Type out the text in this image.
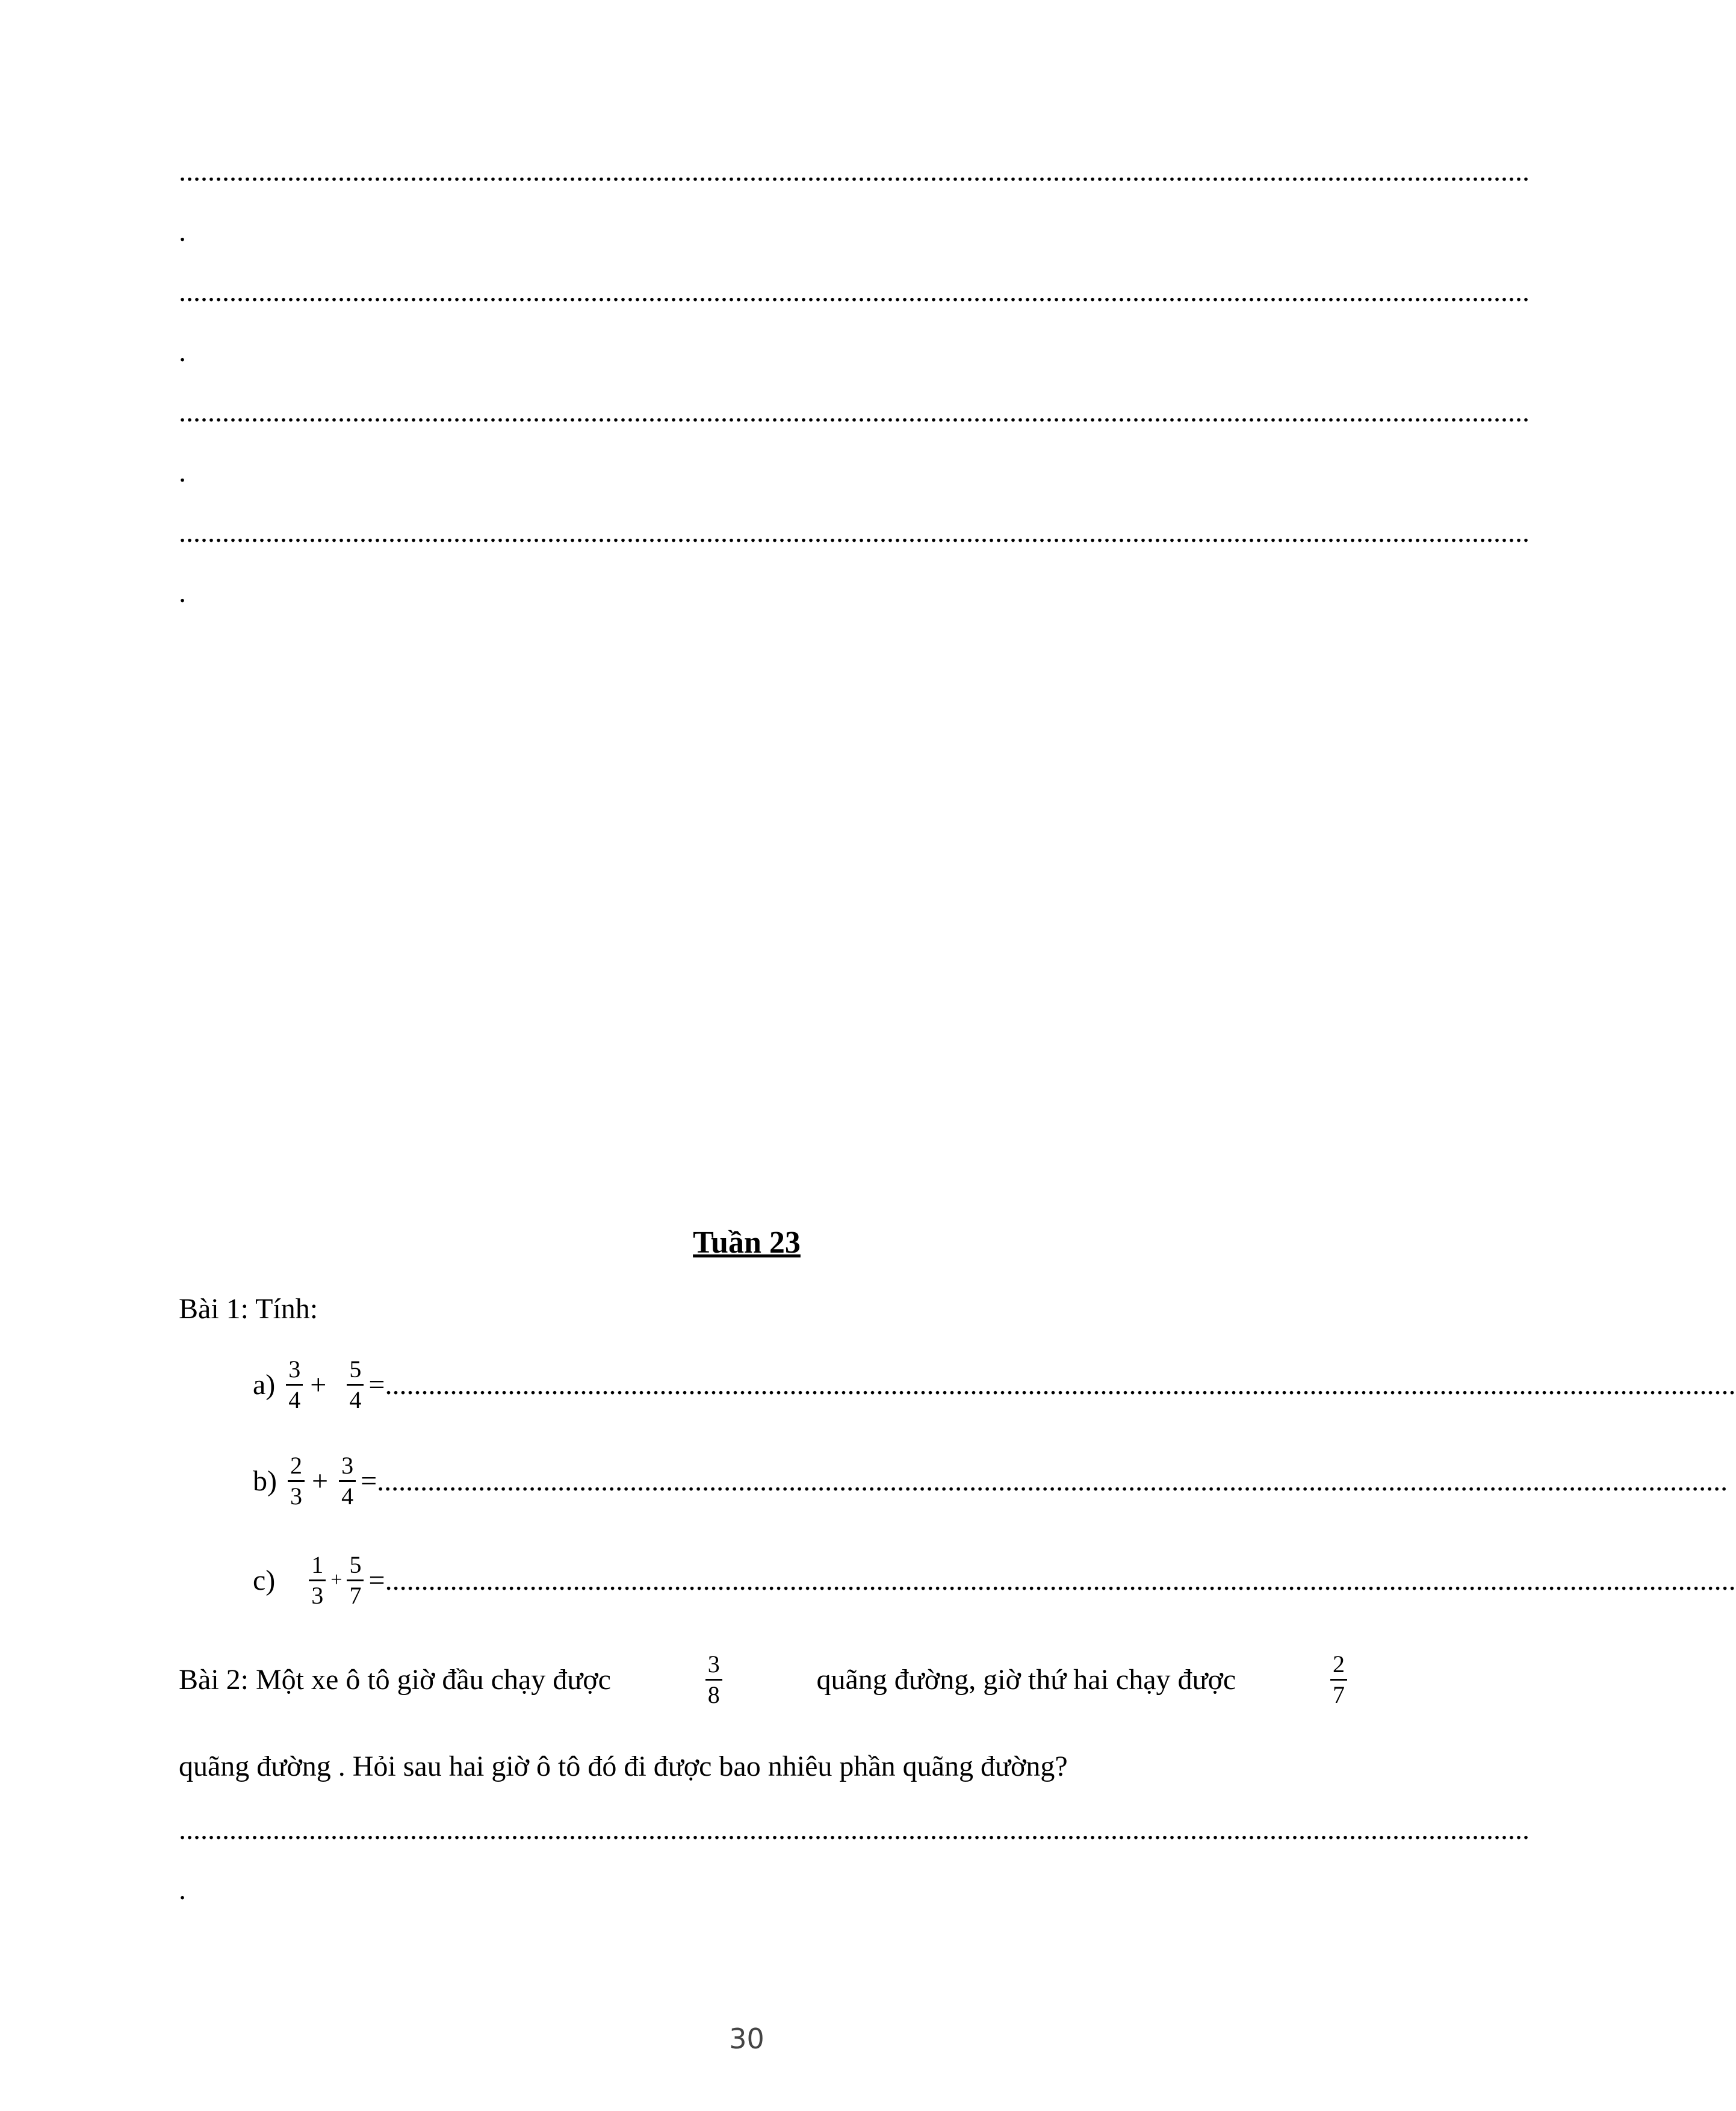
...........................................................................................................................................................................................
.
...........................................................................................................................................................................................
.
...........................................................................................................................................................................................
.
...........................................................................................................................................................................................
.
Tuần 23
Bài 1: Tính:
$a) \frac{3}{4} + \frac{5}{4}$ = ...........................................................................................................................................................................................
$b) \frac{2}{3} + \frac{3}{4}$ = ...........................................................................................................................................................................................
$c) \frac{1}{3} + \frac{5}{7}$ = ...........................................................................................................................................................................................
Bài 2: Một xe ô tô giờ đầu chạy được	$\frac{3}{8}$	quãng đường, giờ thứ hai chạy được	$\frac{2}{7}$
quãng đường . Hỏi sau hai giờ ô tô đó đi được bao nhiêu phần quãng đường?
...........................................................................................................................................................................................
.
30
